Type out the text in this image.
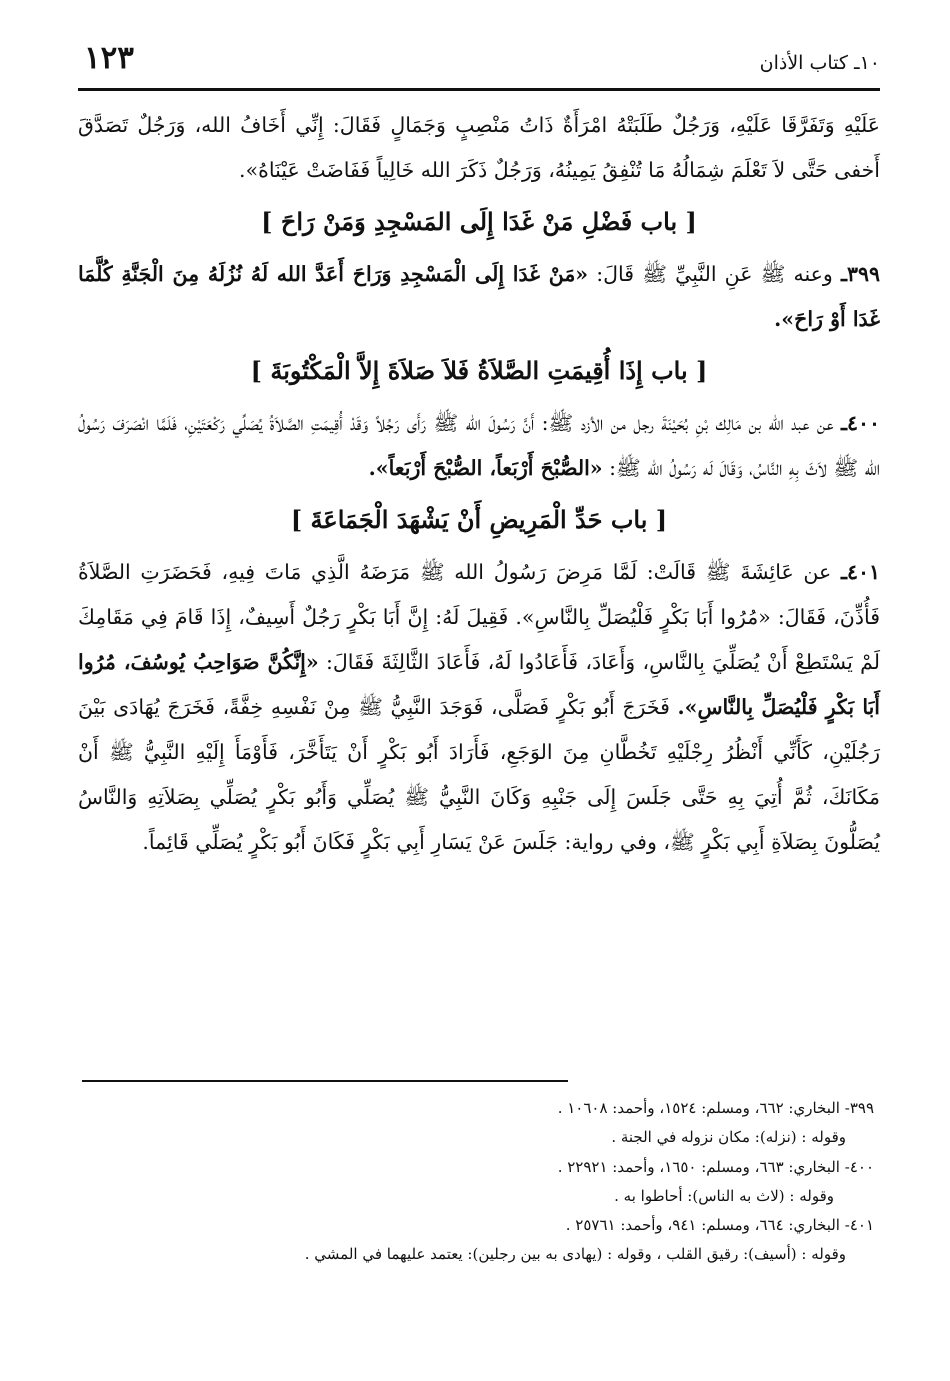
١٠ـ كتاب الأذان
١٢٣

عَلَيْهِ وَتَفَرَّقَا عَلَيْهِ، وَرَجُلٌ طَلَبَتْهُ امْرَأَةٌ ذَاتُ مَنْصِبٍ وَجَمَالٍ فَقَالَ: إِنِّي أَخَافُ الله، وَرَجُلٌ تَصَدَّقَ أَخفى حَتَّى لاَ تَعْلَمَ شِمَالُهُ مَا تُنْفِقُ يَمِينُهُ، وَرَجُلٌ ذَكَرَ الله خَالِياً فَفَاضَتْ عَيْنَاهُ».

[ باب فَضْلِ مَنْ غَدَا إِلَى المَسْجِدِ وَمَنْ رَاحَ ]

٣٩٩ـ وعنه ﷺ عَنِ النَّبِيِّ ﷺ قَالَ: «مَنْ غَدَا إِلَى الْمَسْجِدِ وَرَاحَ أَعَدَّ الله لَهُ نُزُلَهُ مِنَ الْجَنَّةِ كُلَّمَا غَدَا أَوْ رَاحَ».

[ باب إِذَا أُقِيمَتِ الصَّلاَةُ فَلاَ صَلاَةَ إِلاَّ الْمَكْتُوبَةَ ]

٤٠٠ـ عن عبد الله بن مَالِك بْنِ بُحَيْنَةَ رجل من الأزد ﷺ: أَنَّ رَسُولَ الله ﷺ رَأَى رَجُلاً وَقَدْ أُقِيمَتِ الصَّلاَةُ يُصَلِّي رَكْعَتَيْنِ، فَلَمَّا انْصَرَفَ رَسُولُ الله ﷺ لاَثَ بِهِ النَّاسُ، وَقَالَ لَه رَسُولُ الله ﷺ: «الصُّبْحَ أَرْبَعاً، الصُّبْحَ أَرْبَعاً».

[ باب حَدِّ الْمَرِيضِ أَنْ يَشْهَدَ الْجَمَاعَةَ ]

٤٠١ـ عن عَائِشَةَ ﷺ قَالَتْ: لَمَّا مَرِضَ رَسُولُ الله ﷺ مَرَضَهُ الَّذِي مَاتَ فِيهِ، فَحَضَرَتِ الصَّلاَةُ فَأُذِّنَ، فَقَالَ: «مُرُوا أَبَا بَكْرٍ فَلْيُصَلِّ بِالنَّاسِ». فَقِيلَ لَهُ: إِنَّ أَبَا بَكْرٍ رَجُلٌ أَسِيفٌ، إِذَا قَامَ فِي مَقَامِكَ لَمْ يَسْتَطِعْ أَنْ يُصَلِّيَ بِالنَّاسِ، وَأَعَادَ، فَأَعَادُوا لَهُ، فَأَعَادَ الثَّالِثَةَ فَقَالَ: «إِنَّكُنَّ صَوَاحِبُ يُوسُفَ، مُرُوا أَبَا بَكْرٍ فَلْيُصَلِّ بِالنَّاسِ». فَخَرَجَ أَبُو بَكْرٍ فَصَلَّى، فَوَجَدَ النَّبِيُّ ﷺ مِنْ نَفْسِهِ خِفَّةً، فَخَرَجَ يُهَادَى بَيْنَ رَجُلَيْنِ، كَأَنِّي أَنْظُرُ رِجْلَيْهِ تَخُطَّانِ مِنَ الوَجَعِ، فَأَرَادَ أَبُو بَكْرٍ أَنْ يَتَأَخَّرَ، فَأَوْمَأَ إِلَيْهِ النَّبِيُّ ﷺ أَنْ مَكَانَكَ، ثُمَّ أُتِيَ بِهِ حَتَّى جَلَسَ إِلَى جَنْبِهِ وَكَانَ النَّبِيُّ ﷺ يُصَلِّي وَأَبُو بَكْرٍ يُصَلِّي بِصَلاَتِهِ وَالنَّاسُ يُصَلُّونَ بِصَلاَةِ أَبِي بَكْرٍ ﷺ، وفي رواية: جَلَسَ عَنْ يَسَارِ أَبِي بَكْرٍ فَكَانَ أَبُو بَكْرٍ يُصَلِّي قَائِماً.

٣٩٩- البخاري: ٦٦٢، ومسلم: ١٥٢٤، وأحمد: ١٠٦٠٨ .

وقوله : (نزله): مكان نزوله في الجنة .

٤٠٠- البخاري: ٦٦٣، ومسلم: ١٦٥٠، وأحمد: ٢٢٩٢١ .

وقوله : (لاث به الناس): أحاطوا به .

٤٠١- البخاري: ٦٦٤، ومسلم: ٩٤١، وأحمد: ٢٥٧٦١ .

وقوله : (أسيف): رقيق القلب ، وقوله : (يهادى به بين رجلين): يعتمد عليهما في المشي .
